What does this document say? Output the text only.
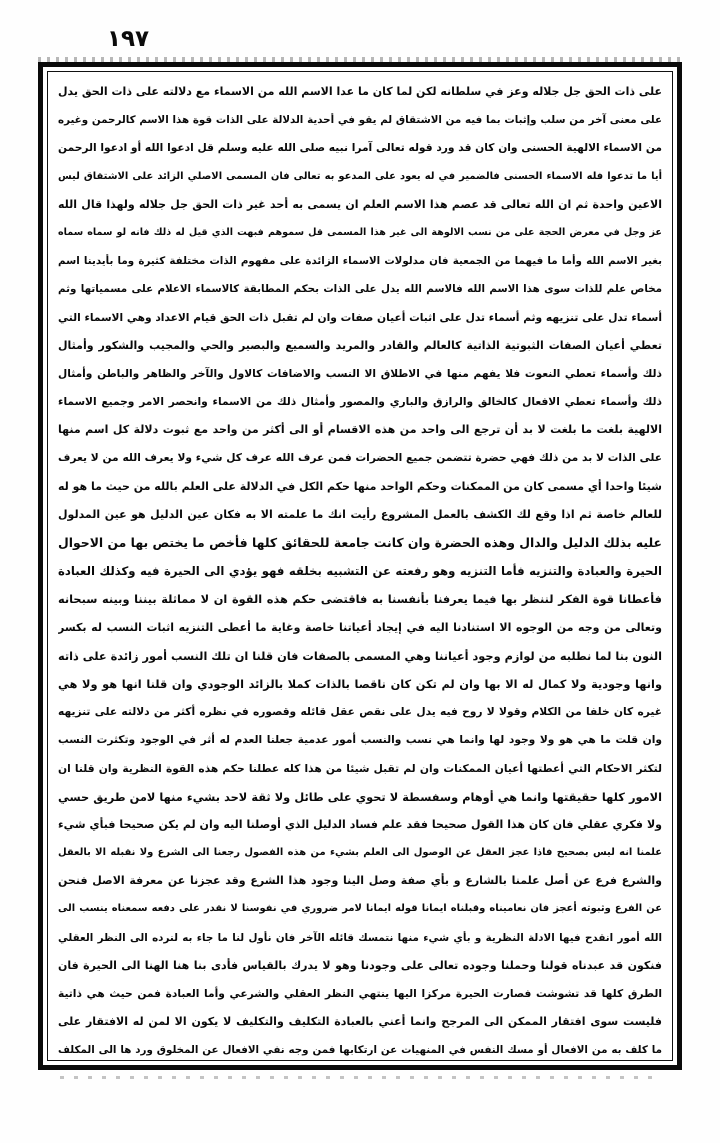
١٩٧
على ذات الحق جل جلاله وعز في سلطانه لكن لما كان ما عدا الاسم الله من الاسماء مع دلالته على ذات الحق يدل
على معنى آخر من سلب وإثبات بما فيه من الاشتقاق لم يقو في أحدية الدلالة على الذات قوة هذا الاسم كالرحمن وغيره
من الاسماء الالهية الحسنى وان كان قد ورد قوله تعالى آمرا نبيه صلى الله عليه وسلم قل ادعوا الله أو ادعوا الرحمن
أيا ما تدعوا فله الاسماء الحسنى فالضمير في له يعود على المدعو به تعالى فان المسمى الاصلي الزائد على الاشتقاق ليس
الاعين واحدة ثم ان الله تعالى قد عصم هذا الاسم العلم ان يسمى به أحد غير ذات الحق جل جلاله ولهذا قال الله
عز وجل في معرض الحجة على من نسب الالوهة الى غير هذا المسمى قل سموهم فبهت الذي قيل له ذلك فانه لو سماه سماه
بغير الاسم الله وأما ما فيهما من الجمعية فان مدلولات الاسماء الزائدة على مفهوم الذات مختلفة كثيرة وما بأيدينا اسم
مخاص علم للذات سوى هذا الاسم الله فالاسم الله يدل على الذات بحكم المطابقة كالاسماء الاعلام على مسمياتها وثم
أسماء تدل على تنزيهه وثم أسماء تدل على اثبات أعيان صفات وان لم تقبل ذات الحق قيام الاعداد وهي الاسماء التي
تعطي أعيان الصفات الثبوتية الذاتية كالعالم والقادر والمريد والسميع والبصير والحي والمجيب والشكور وأمثال
ذلك وأسماء تعطي النعوت فلا يفهم منها في الاطلاق الا النسب والاضافات كالاول والآخر والظاهر والباطن وأمثال
ذلك وأسماء تعطي الافعال كالخالق والرازق والباري والمصور وأمثال ذلك من الاسماء وانحصر الامر وجميع الاسماء
الالهية بلغت ما بلغت لا بد أن ترجع الى واحد من هذه الاقسام أو الى أكثر من واحد مع ثبوت دلالة كل اسم منها
على الذات لا بد من ذلك فهي حضرة تتضمن جميع الحضرات فمن عرف الله عرف كل شيء ولا يعرف الله من لا يعرف
شيئا واحدا أي مسمى كان من الممكنات وحكم الواحد منها حكم الكل في الدلالة على العلم بالله من حيث ما هو له
للعالم خاصة ثم اذا وقع لك الكشف بالعمل المشروع رأيت انك ما علمته الا به فكان عين الدليل هو عين المدلول
عليه بذلك الدليل والدال وهذه الحضرة وان كانت جامعة للحقائق كلها فأخص ما يختص بها من الاحوال
الحيرة والعبادة والتنزيه فأما التنزيه وهو رفعته عن التشبيه بخلقه فهو يؤدي الى الحيرة فيه وكذلك العبادة
فأعطانا قوة الفكر لننظر بها فيما يعرفنا بأنفسنا به فاقتضى حكم هذه القوة ان لا مماثلة بيننا وبينه سبحانه
وتعالى من وجه من الوجوه الا استنادنا اليه في إيجاد أعياتنا خاصة وغاية ما أعطى التنزيه اثبات النسب له بكسر
النون بنا لما نطلبه من لوازم وجود أعياننا وهي المسمى بالصفات فان قلنا ان تلك النسب أمور زائدة على ذاته
وانها وجودية ولا كمال له الا بها وان لم تكن كان ناقصا بالذات كملا بالزائد الوجودي وان قلنا انها هو ولا هي
غيره كان خلفا من الكلام وقولا لا روح فيه يدل على نقص عقل قائله وقصوره في نظره أكثر من دلالته على تنزيهه
وان قلت ما هي هو ولا وجود لها وانما هي نسب والنسب أمور عدمية جعلنا العدم له أثر في الوجود وتكثرت النسب
لتكثر الاحكام التي أعطتها أعيان الممكنات وان لم تقبل شيئا من هذا كله عطلنا حكم هذه القوة النظرية وان قلنا ان
الامور كلها حقيقتها وانما هي أوهام وسفسطة لا تحوي على طائل ولا ثقة لاحد بشيء منها لامن طريق حسي
ولا فكري عقلي فان كان هذا القول صحيحا فقد علم فساد الدليل الذي أوصلنا اليه وان لم يكن صحيحا فبأي شيء
علمنا انه ليس بصحيح فاذا عجز العقل عن الوصول الى العلم بشيء من هذه الفصول رجعنا الى الشرع ولا نقبله الا بالعقل
والشرع فرع عن أصل علمنا بالشارع و بأي صفة وصل الينا وجود هذا الشرع وقد عجزنا عن معرفة الاصل فنحن
عن الفرع وثبوته أعجز فان نعاميناه وقبلناه ايمانا قوله ايمانا لامر ضروري في نفوسنا لا نقدر على دفعه سمعناه ينسب الى
الله أمور انقدح فيها الادلة النظرية و بأي شيء منها نتمسك قائله الآخر فان نأول لنا ما جاء به لنرده الى النظر العقلي
فنكون قد عبدناه قولنا وحملنا وجوده تعالى على وجودنا وهو لا يدرك بالقياس فأدى بنا هنا الهنا الى الحيرة فان
الطرق كلها قد تشوشت فصارت الحيرة مركزا اليها ينتهي النظر العقلي والشرعي وأما العبادة فمن حيث هي ذاتية
فليست سوى افتقار الممكن الى المرجح وانما أعني بالعبادة التكليف والتكليف لا يكون الا لمن له الافتقار على
ما كلف به من الافعال أو مسك النفس في المنهيات عن ارتكابها فمن وجه نفي الافعال عن المخلوق ورد ها الى المكلف
